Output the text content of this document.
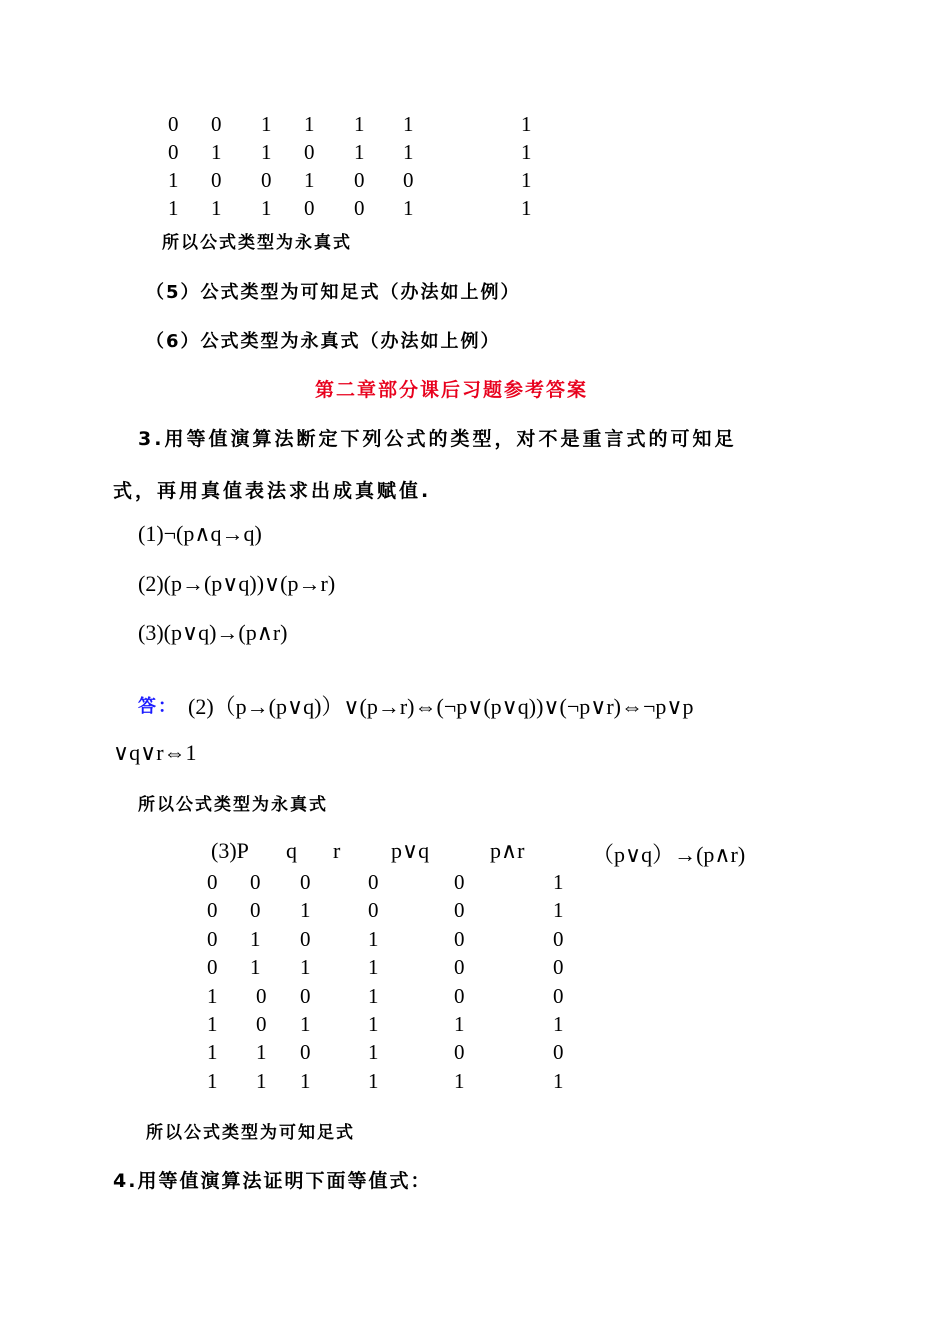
0 0 1 1 1 1	1
0 1 1 0 1 1	1
1 0 0 1 0 0	1
1 1 1 0 0 1	1
所以公式类型为永真式
（5）公式类型为可知足式（办法如上例）
（6）公式类型为永真式（办法如上例）
第二章部分课后习题参考答案
3.用等值演算法断定下列公式的类型，对不是重言式的可知足
式，再用真值表法求出成真赋值.
(1)¬(p∧q→q)
(2)(p→(p∨q))∨(p→r)
(3)(p∨q)→(p∧r)
答： (2)（p→(p∨q)）∨(p→r)⇔(¬p∨(p∨q))∨(¬p∨r)⇔¬p∨p
∨q∨r⇔1
所以公式类型为永真式
(3)P q r p∨q	p∧r	（p∨q）→(p∧r)
0 0 0	0	0	1
0 0 1	0	0	1
0 1 0	1	0	0
0 1 1	1	0	0
1 0 0	1	0	0
1 0 1	1	1	1
1 1 0	1	0	0
1 1 1	1	1	1
所以公式类型为可知足式
4.用等值演算法证明下面等值式：
